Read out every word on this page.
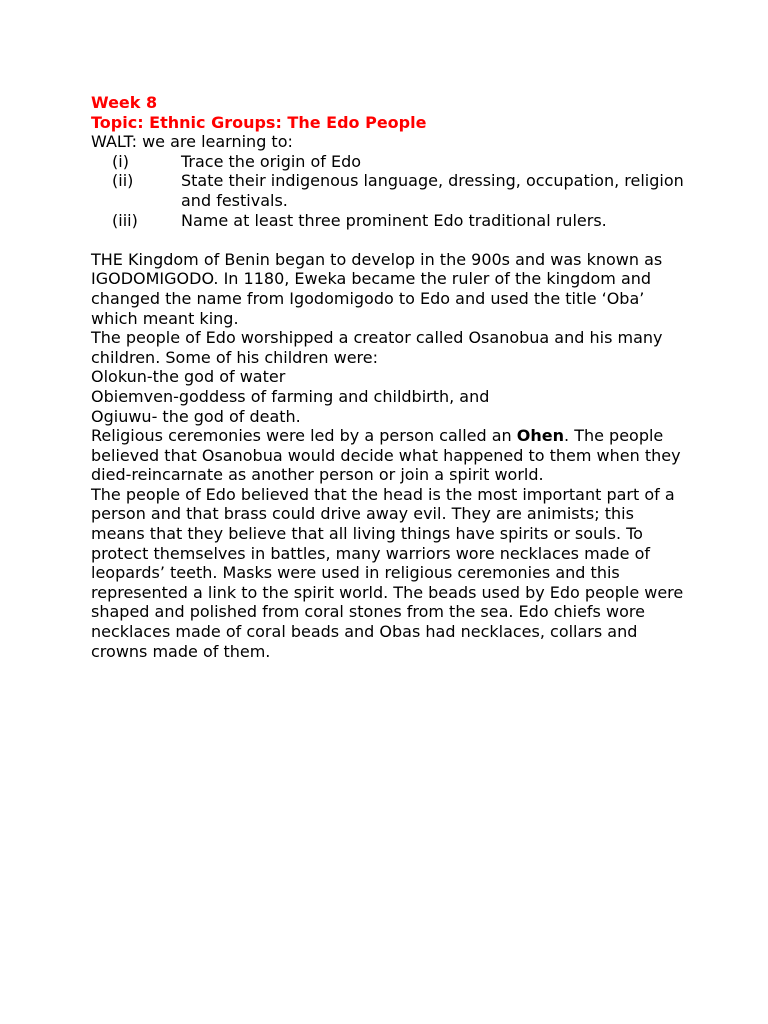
Week 8
Topic: Ethnic Groups: The Edo People
WALT: we are learning to:
(i)	Trace the origin of Edo
(ii)	State their indigenous language, dressing, occupation, religion and festivals.
(iii)	Name at least three prominent Edo traditional rulers.

THE Kingdom of Benin began to develop in the 900s and was known as IGODOMIGODO. In 1180, Eweka became the ruler of the kingdom and changed the name from Igodomigodo to Edo and used the title ‘Oba’ which meant king.

The people of Edo worshipped a creator called Osanobua and his many children. Some of his children were:

Olokun-the god of water

Obiemven-goddess of farming and childbirth, and

Ogiuwu- the god of death.

Religious ceremonies were led by a person called an Ohen. The people believed that Osanobua would decide what happened to them when they died-reincarnate as another person or join a spirit world.

The people of Edo believed that the head is the most important part of a person and that brass could drive away evil. They are animists; this means that they believe that all living things have spirits or souls. To protect themselves in battles, many warriors wore necklaces made of leopards’ teeth. Masks were used in religious ceremonies and this represented a link to the spirit world. The beads used by Edo people were shaped and polished from coral stones from the sea. Edo chiefs wore necklaces made of coral beads and Obas had necklaces, collars and crowns made of them.
